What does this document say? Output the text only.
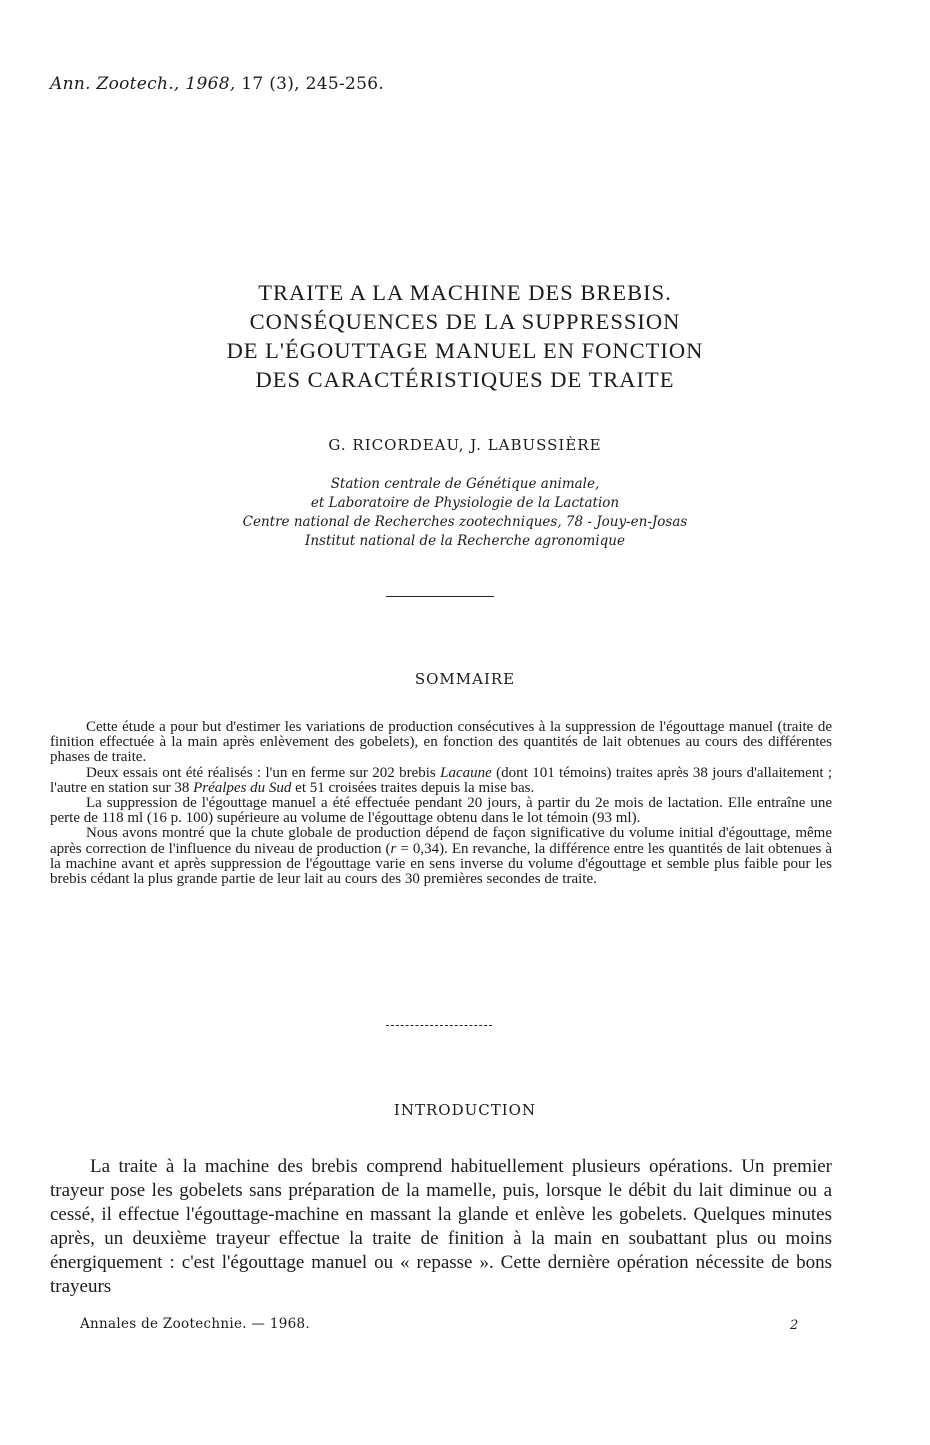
Ann. Zootech., 1968, 17 (3), 245-256.
TRAITE A LA MACHINE DES BREBIS.
CONSÉQUENCES DE LA SUPPRESSION
DE L'ÉGOUTTAGE MANUEL EN FONCTION
DES CARACTÉRISTIQUES DE TRAITE
G. RICORDEAU, J. LABUSSIÈRE
Station centrale de Génétique animale,
et Laboratoire de Physiologie de la Lactation
Centre national de Recherches zootechniques, 78 - Jouy-en-Josas
Institut national de la Recherche agronomique
SOMMAIRE

Cette étude a pour but d'estimer les variations de production consécutives à la suppression de l'égouttage manuel (traite de finition effectuée à la main après enlèvement des gobelets), en fonction des quantités de lait obtenues au cours des différentes phases de traite.

Deux essais ont été réalisés : l'un en ferme sur 202 brebis Lacaune (dont 101 témoins) traites après 38 jours d'allaitement ; l'autre en station sur 38 Préalpes du Sud et 51 croisées traites depuis la mise bas.

La suppression de l'égouttage manuel a été effectuée pendant 20 jours, à partir du 2e mois de lactation. Elle entraîne une perte de 118 ml (16 p. 100) supérieure au volume de l'égouttage obtenu dans le lot témoin (93 ml).

Nous avons montré que la chute globale de production dépend de façon significative du volume initial d'égouttage, même après correction de l'influence du niveau de production (r = 0,34). En revanche, la différence entre les quantités de lait obtenues à la machine avant et après suppression de l'égouttage varie en sens inverse du volume d'égouttage et semble plus faible pour les brebis cédant la plus grande partie de leur lait au cours des 30 premières secondes de traite.

INTRODUCTION

La traite à la machine des brebis comprend habituellement plusieurs opérations. Un premier trayeur pose les gobelets sans préparation de la mamelle, puis, lorsque le débit du lait diminue ou a cessé, il effectue l'égouttage-machine en massant la glande et enlève les gobelets. Quelques minutes après, un deuxième trayeur effectue la traite de finition à la main en soubattant plus ou moins énergiquement : c'est l'égouttage manuel ou « repasse ». Cette dernière opération nécessite de bons trayeurs

Annales de Zootechnie. — 1968.	2
